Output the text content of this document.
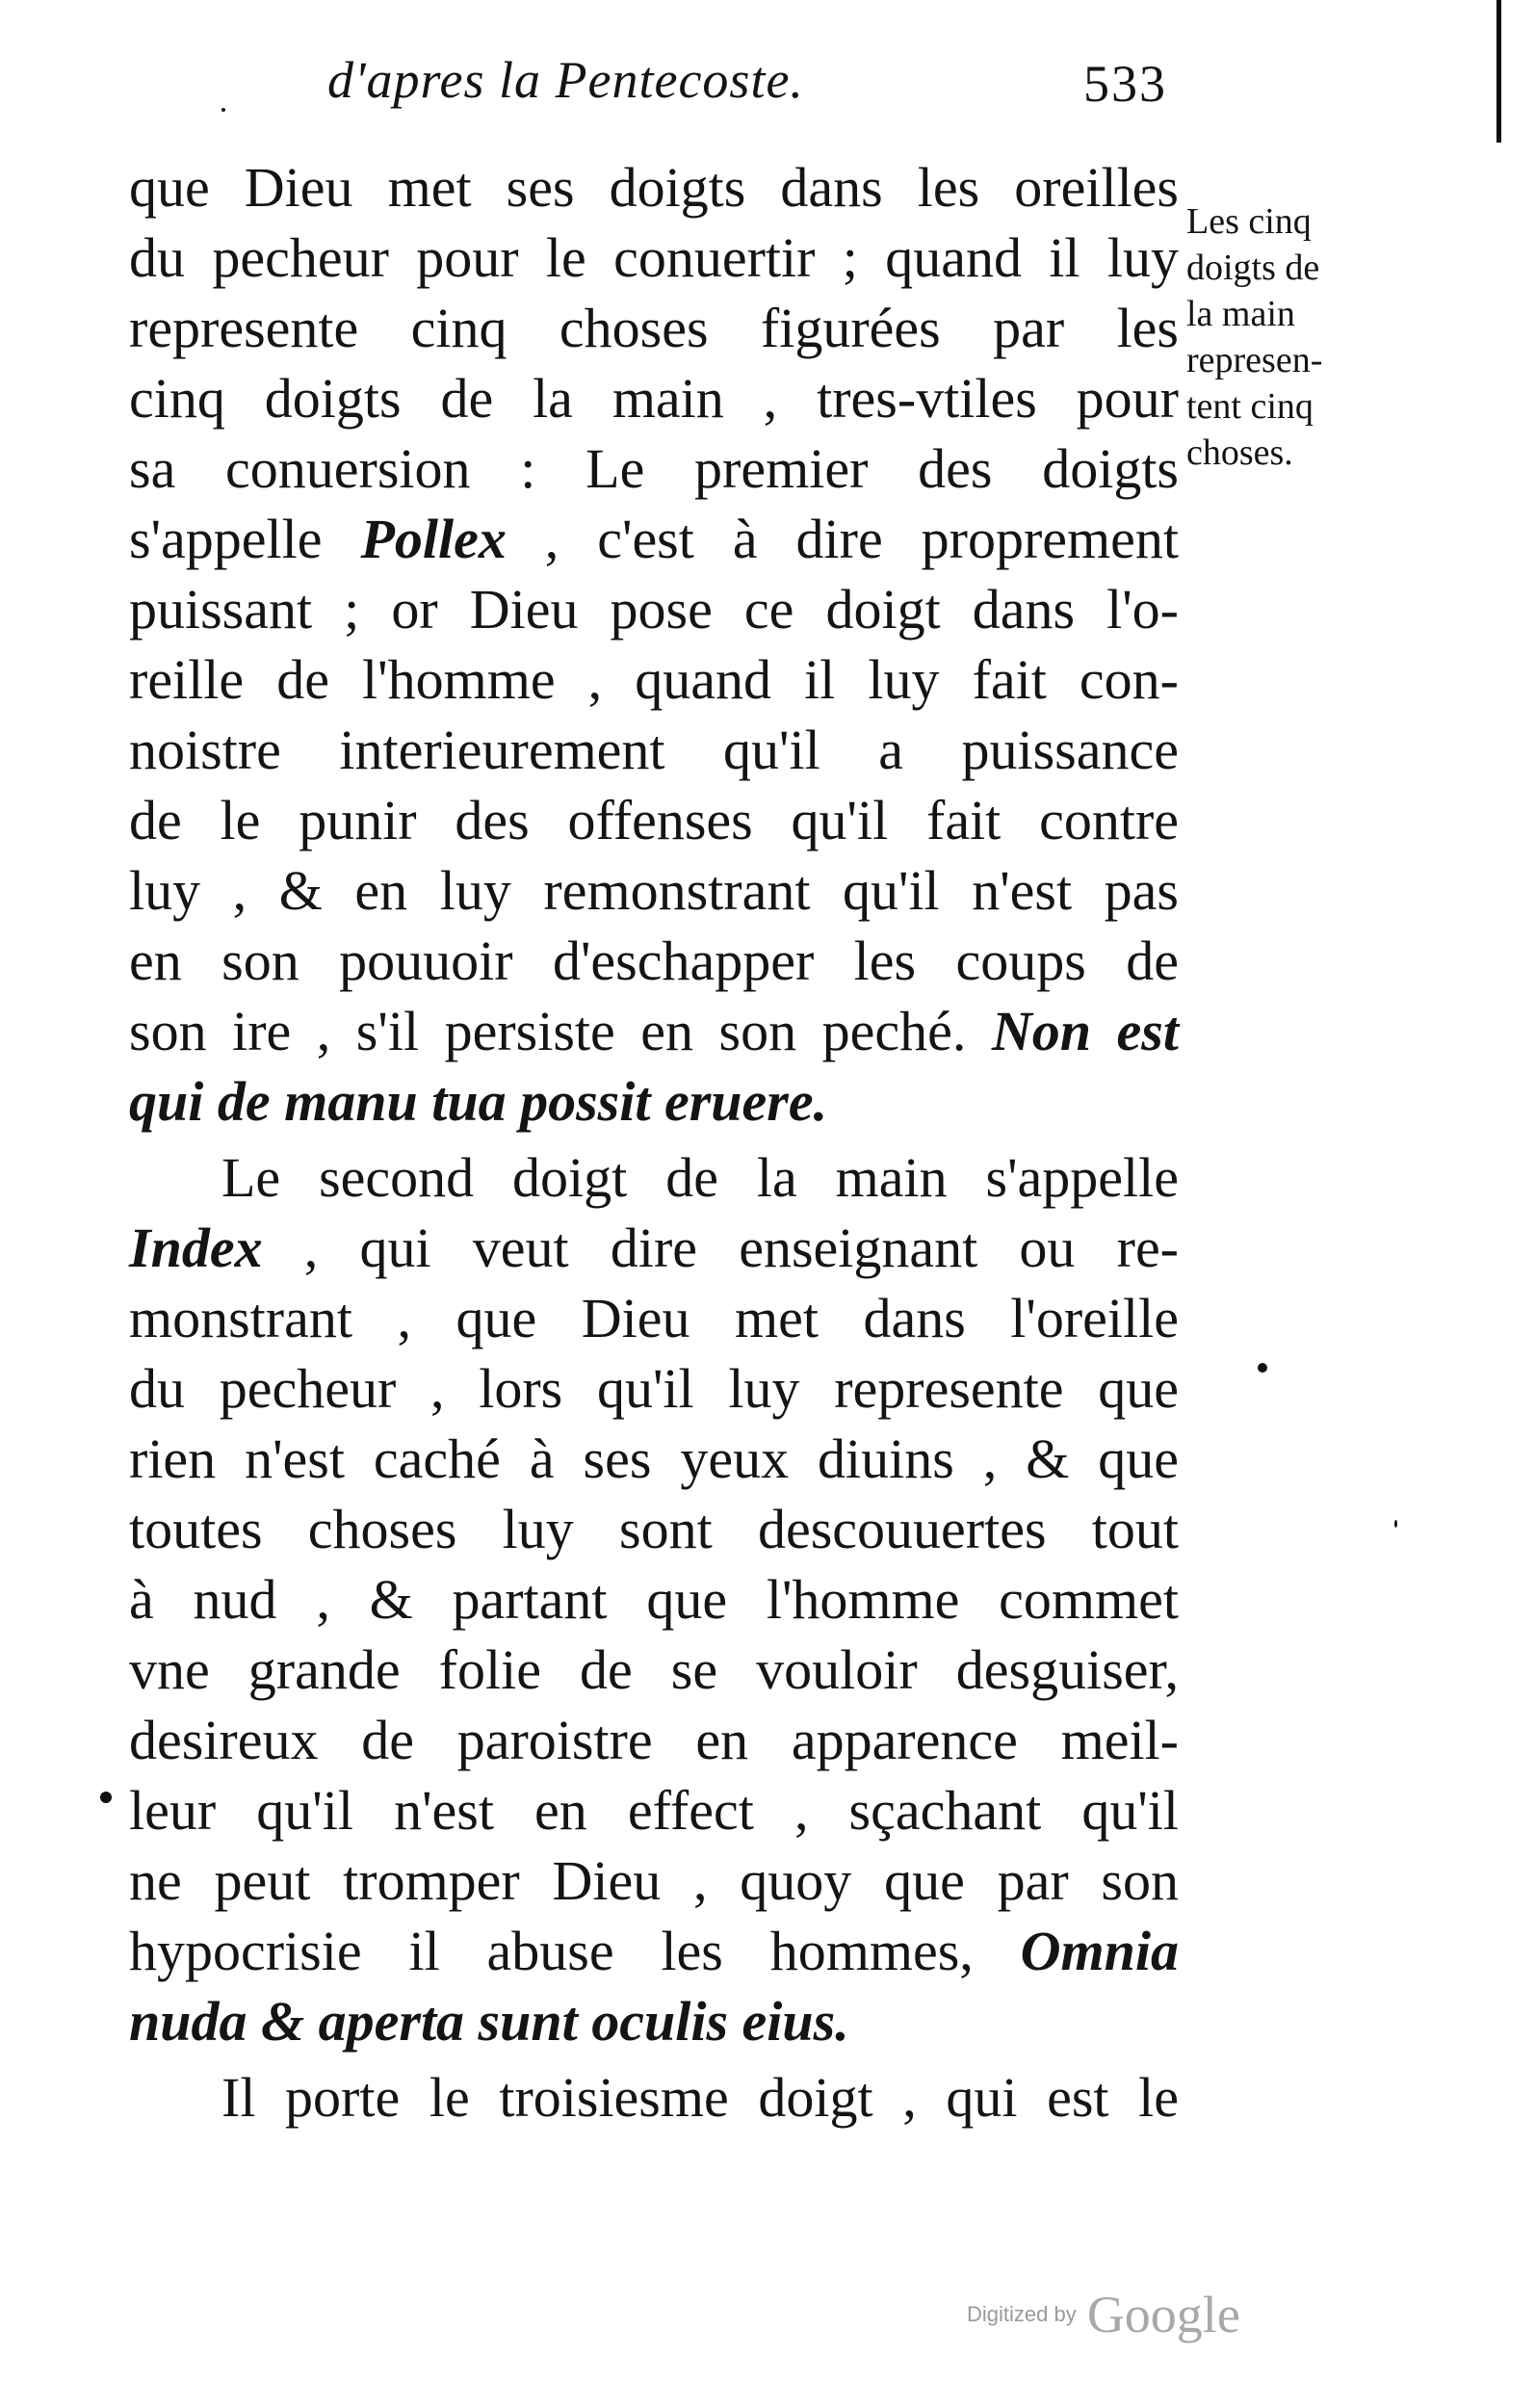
d'apres la Pentecoste.	533
que Dieu met ses doigts dans les oreilles
du pecheur pour le conuertir ; quand il luy
represente cinq choses figurées par les
cinq doigts de la main , tres-vtiles pour
sa conuersion : Le premier des doigts
s'appelle Pollex , c'est à dire proprement
puissant ; or Dieu pose ce doigt dans l'o-
reille de l'homme , quand il luy fait con-
noistre interieurement qu'il a puissance
de le punir des offenses qu'il fait contre
luy , & en luy remonstrant qu'il n'est pas
en son pouuoir d'eschapper les coups de
son ire , s'il persiste en son peché. Non est
qui de manu tua possit eruere.
Le second doigt de la main s'appelle
Index , qui veut dire enseignant ou re-
monstrant , que Dieu met dans l'oreille
du pecheur , lors qu'il luy represente que
rien n'est caché à ses yeux diuins , & que
toutes choses luy sont descouuertes tout
à nud , & partant que l'homme commet
vne grande folie de se vouloir desguiser,
desireux de paroistre en apparence meil-
leur qu'il n'est en effect , sçachant qu'il
ne peut tromper Dieu , quoy que par son
hypocrisie il abuse les hommes, Omnia
nuda & aperta sunt oculis eius.
Il porte le troisiesme doigt , qui est le
Les cinq
doigts de
la main
represen-
tent cinq
choses.
Digitized by Google
